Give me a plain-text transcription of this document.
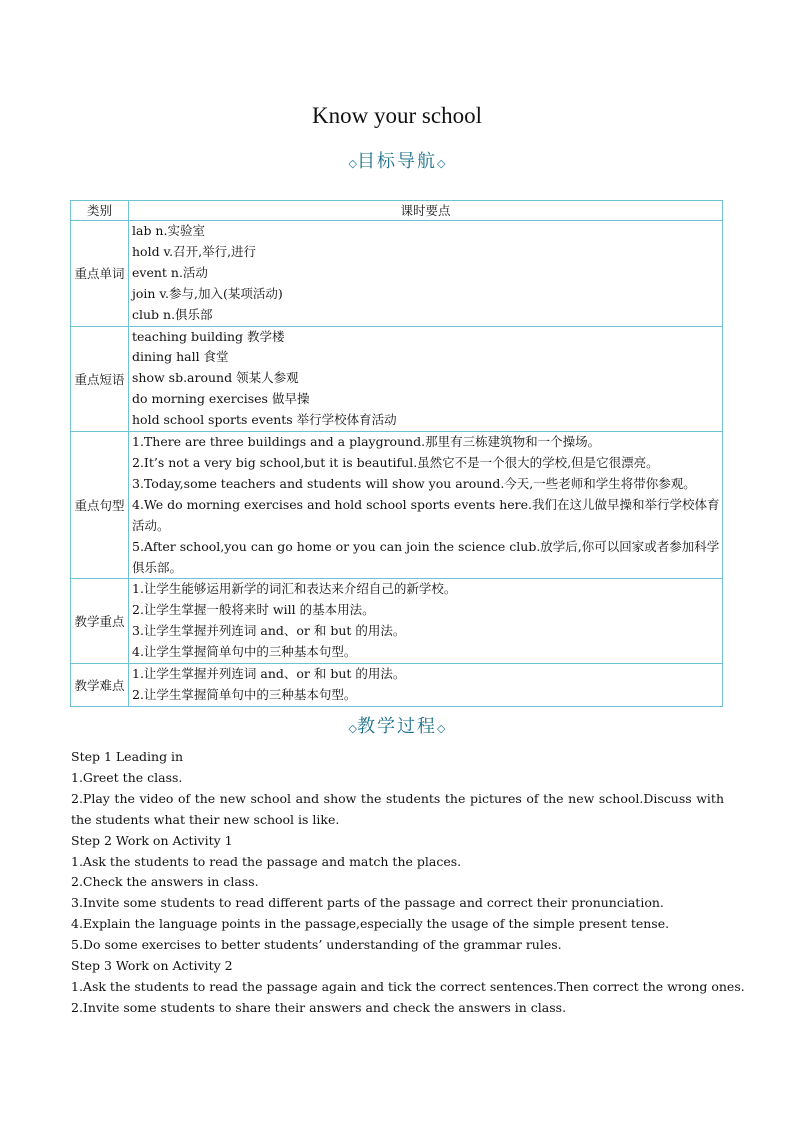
Know your school
◇目标导航◇
类别	课时要点
重点单词	lab n.实验室
hold v.召开,举行,进行
event n.活动
join v.参与,加入(某项活动)
club n.俱乐部

重点短语	teaching building 教学楼
dining hall 食堂
show sb.around 领某人参观
do morning exercises 做早操
hold school sports events 举行学校体育活动

重点句型	1.There are three buildings and a playground.那里有三栋建筑物和一个操场。
2.It’s not a very big school,but it is beautiful.虽然它不是一个很大的学校,但是它很漂亮。
3.Today,some teachers and students will show you around.今天,一些老师和学生将带你参观。
4.We do morning exercises and hold school sports events here.我们在这儿做早操和举行学校体育活动。
5.After school,you can go home or you can join the science club.放学后,你可以回家或者参加科学俱乐部。

教学重点	1.让学生能够运用新学的词汇和表达来介绍自己的新学校。
2.让学生掌握一般将来时 will 的基本用法。
3.让学生掌握并列连词 and、or 和 but 的用法。
4.让学生掌握简单句中的三种基本句型。

教学难点	1.让学生掌握并列连词 and、or 和 but 的用法。
2.让学生掌握简单句中的三种基本句型。
◇教学过程◇
Step 1 Leading in
1.Greet the class.
2.Play the video of the new school and show the students the pictures of the new school.Discuss with the students what their new school is like.
Step 2 Work on Activity 1
1.Ask the students to read the passage and match the places.
2.Check the answers in class.
3.Invite some students to read different parts of the passage and correct their pronunciation.
4.Explain the language points in the passage,especially the usage of the simple present tense.
5.Do some exercises to better students’ understanding of the grammar rules.
Step 3 Work on Activity 2
1.Ask the students to read the passage again and tick the correct sentences.Then correct the wrong ones.
2.Invite some students to share their answers and check the answers in class.
